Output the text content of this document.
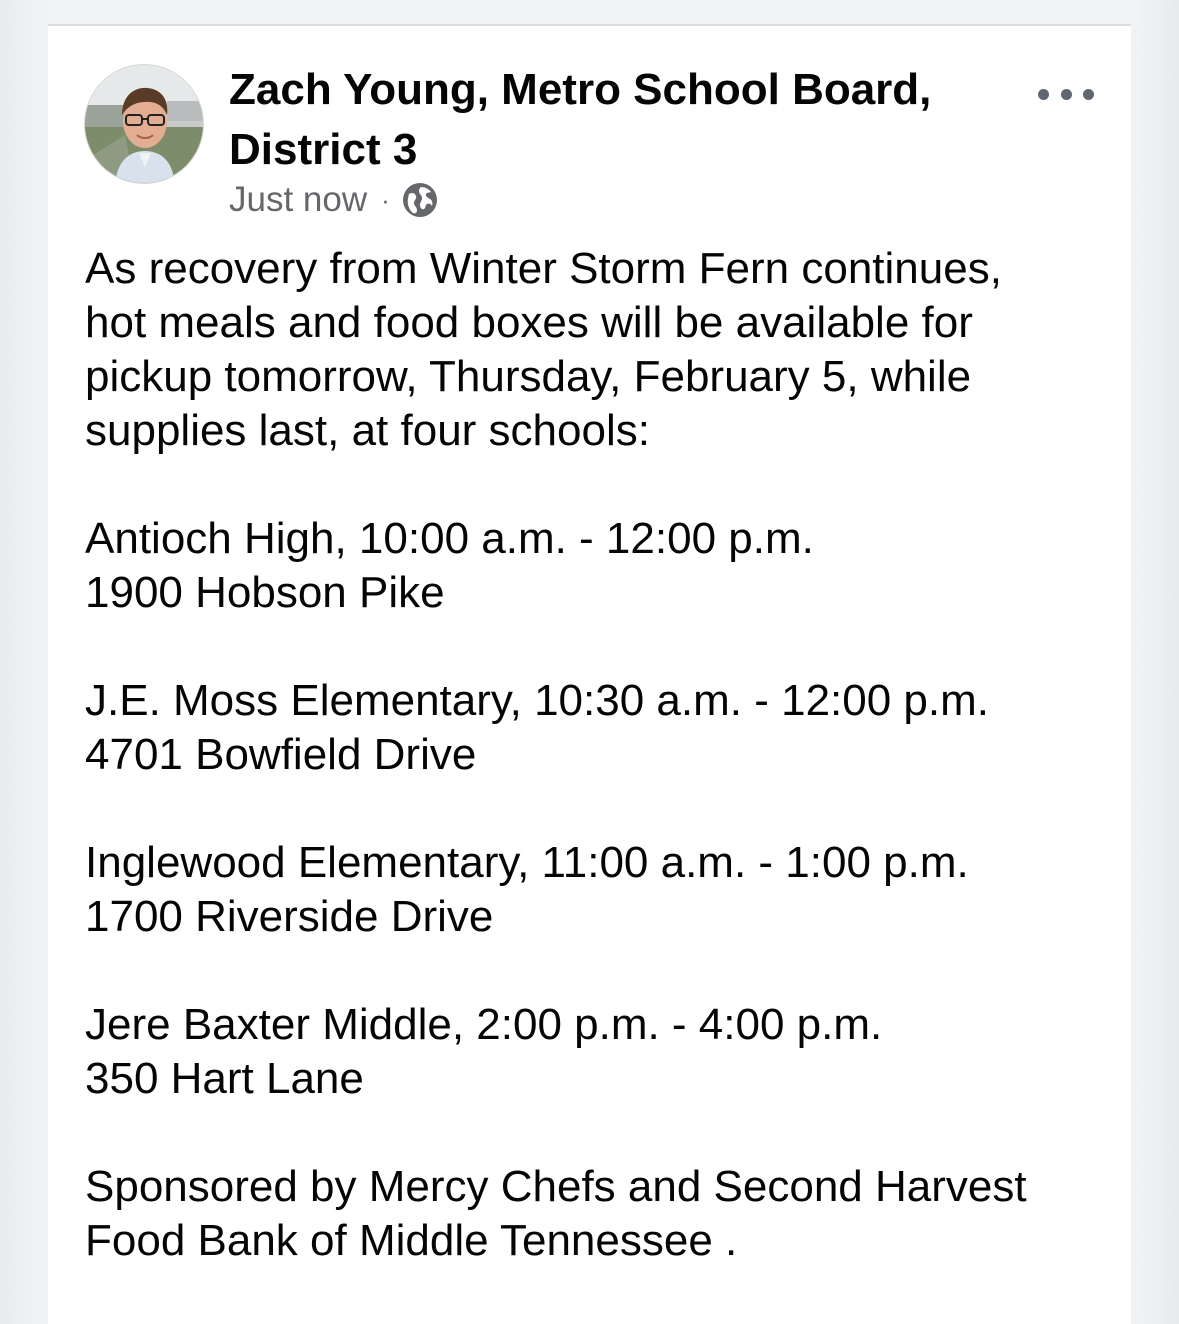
Zach Young, Metro School Board, District 3
Just now ·

As recovery from Winter Storm Fern continues,
hot meals and food boxes will be available for
pickup tomorrow, Thursday, February 5, while
supplies last, at four schools:

Antioch High, 10:00 a.m. - 12:00 p.m.
1900 Hobson Pike

J.E. Moss Elementary, 10:30 a.m. - 12:00 p.m.
4701 Bowfield Drive

Inglewood Elementary, 11:00 a.m. - 1:00 p.m.
1700 Riverside Drive

Jere Baxter Middle, 2:00 p.m. - 4:00 p.m.
350 Hart Lane

Sponsored by Mercy Chefs and Second Harvest
Food Bank of Middle Tennessee .
